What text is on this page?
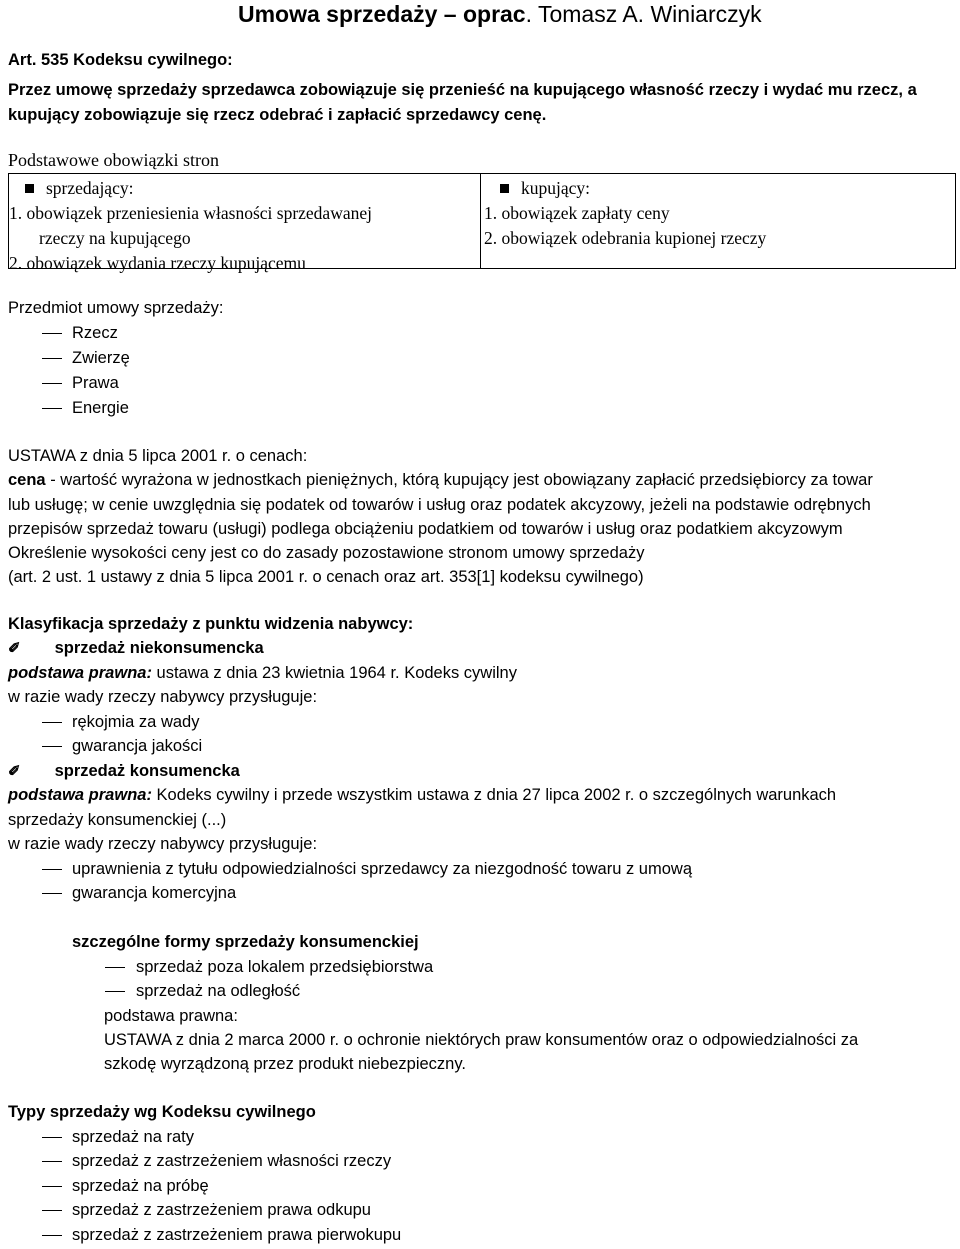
Umowa sprzedaży – oprac. Tomasz A. Winiarczyk
Art. 535 Kodeksu cywilnego:
Przez umowę sprzedaży sprzedawca zobowiązuje się przenieść na kupującego własność rzeczy i wydać mu rzecz, a
kupujący zobowiązuje się rzecz odebrać i zapłacić sprzedawcy cenę.
Podstawowe obowiązki stron
sprzedający:
1. obowiązek przeniesienia własności sprzedawanej
rzeczy na kupującego
2. obowiązek wydania rzeczy kupującemu
kupujący:
1. obowiązek zapłaty ceny
2. obowiązek odebrania kupionej rzeczy
Przedmiot umowy sprzedaży:
Rzecz
Zwierzę
Prawa
Energie
USTAWA z dnia 5 lipca 2001 r. o cenach:
cena - wartość wyrażona w jednostkach pieniężnych, którą kupujący jest obowiązany zapłacić przedsiębiorcy za towar
lub usługę; w cenie uwzględnia się podatek od towarów i usług oraz podatek akcyzowy, jeżeli na podstawie odrębnych
przepisów sprzedaż towaru (usługi) podlega obciążeniu podatkiem od towarów i usług oraz podatkiem akcyzowym
Określenie wysokości ceny jest co do zasady pozostawione stronom umowy sprzedaży
(art. 2 ust. 1 ustawy z dnia 5 lipca 2001 r. o cenach oraz art. 353[1] kodeksu cywilnego)
Klasyfikacja sprzedaży z punktu widzenia nabywcy:
✐ sprzedaż niekonsumencka
podstawa prawna: ustawa z dnia 23 kwietnia 1964 r. Kodeks cywilny
w razie wady rzeczy nabywcy przysługuje:
rękojmia za wady
gwarancja jakości
✐ sprzedaż konsumencka
podstawa prawna: Kodeks cywilny i przede wszystkim ustawa z dnia 27 lipca 2002 r. o szczególnych warunkach
sprzedaży konsumenckiej (...)
w razie wady rzeczy nabywcy przysługuje:
uprawnienia z tytułu odpowiedzialności sprzedawcy za niezgodność towaru z umową
gwarancja komercyjna
szczególne formy sprzedaży konsumenckiej
sprzedaż poza lokalem przedsiębiorstwa
sprzedaż na odległość
podstawa prawna:
USTAWA z dnia 2 marca 2000 r. o ochronie niektórych praw konsumentów oraz o odpowiedzialności za
szkodę wyrządzoną przez produkt niebezpieczny.
Typy sprzedaży wg Kodeksu cywilnego
sprzedaż na raty
sprzedaż z zastrzeżeniem własności rzeczy
sprzedaż na próbę
sprzedaż z zastrzeżeniem prawa odkupu
sprzedaż z zastrzeżeniem prawa pierwokupu
